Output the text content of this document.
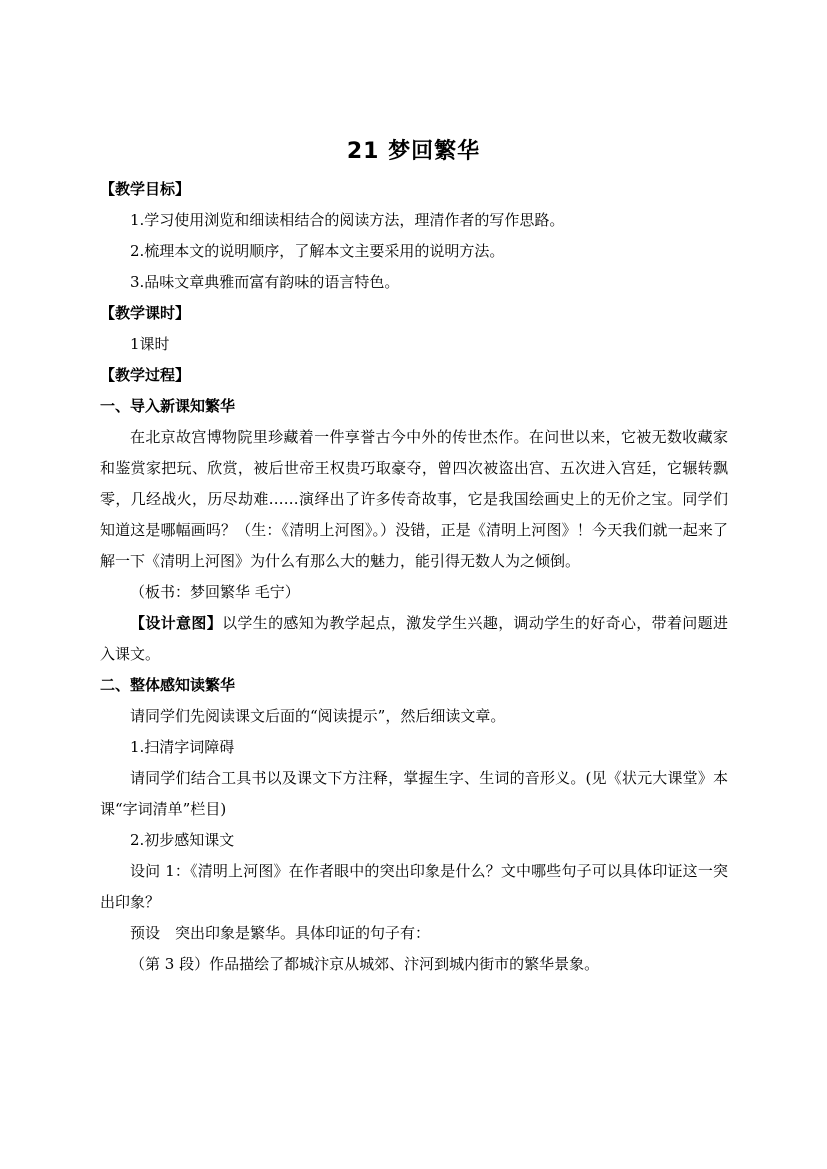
21 梦回繁华

【教学目标】

1.学习使用浏览和细读相结合的阅读方法，理清作者的写作思路。

2.梳理本文的说明顺序，了解本文主要采用的说明方法。

3.品味文章典雅而富有韵味的语言特色。

【教学课时】

1课时

【教学过程】

一、导入新课知繁华

在北京故宫博物院里珍藏着一件享誉古今中外的传世杰作。在问世以来，它被无数收藏家和鉴赏家把玩、欣赏，被后世帝王权贵巧取豪夺，曾四次被盗出宫、五次进入宫廷，它辗转飘零，几经战火，历尽劫难……演绎出了许多传奇故事，它是我国绘画史上的无价之宝。同学们知道这是哪幅画吗？（生：《清明上河图》。）没错，正是《清明上河图》！今天我们就一起来了解一下《清明上河图》为什么有那么大的魅力，能引得无数人为之倾倒。

（板书：梦回繁华 毛宁）

【设计意图】以学生的感知为教学起点，激发学生兴趣，调动学生的好奇心，带着问题进入课文。

二、整体感知读繁华

请同学们先阅读课文后面的“阅读提示”，然后细读文章。

1.扫清字词障碍

请同学们结合工具书以及课文下方注释，掌握生字、生词的音形义。(见《状元大课堂》本课“字词清单”栏目)

2.初步感知课文

设问 1：《清明上河图》在作者眼中的突出印象是什么？文中哪些句子可以具体印证这一突出印象？

预设 突出印象是繁华。具体印证的句子有：

（第 3 段）作品描绘了都城汴京从城郊、汴河到城内街市的繁华景象。
